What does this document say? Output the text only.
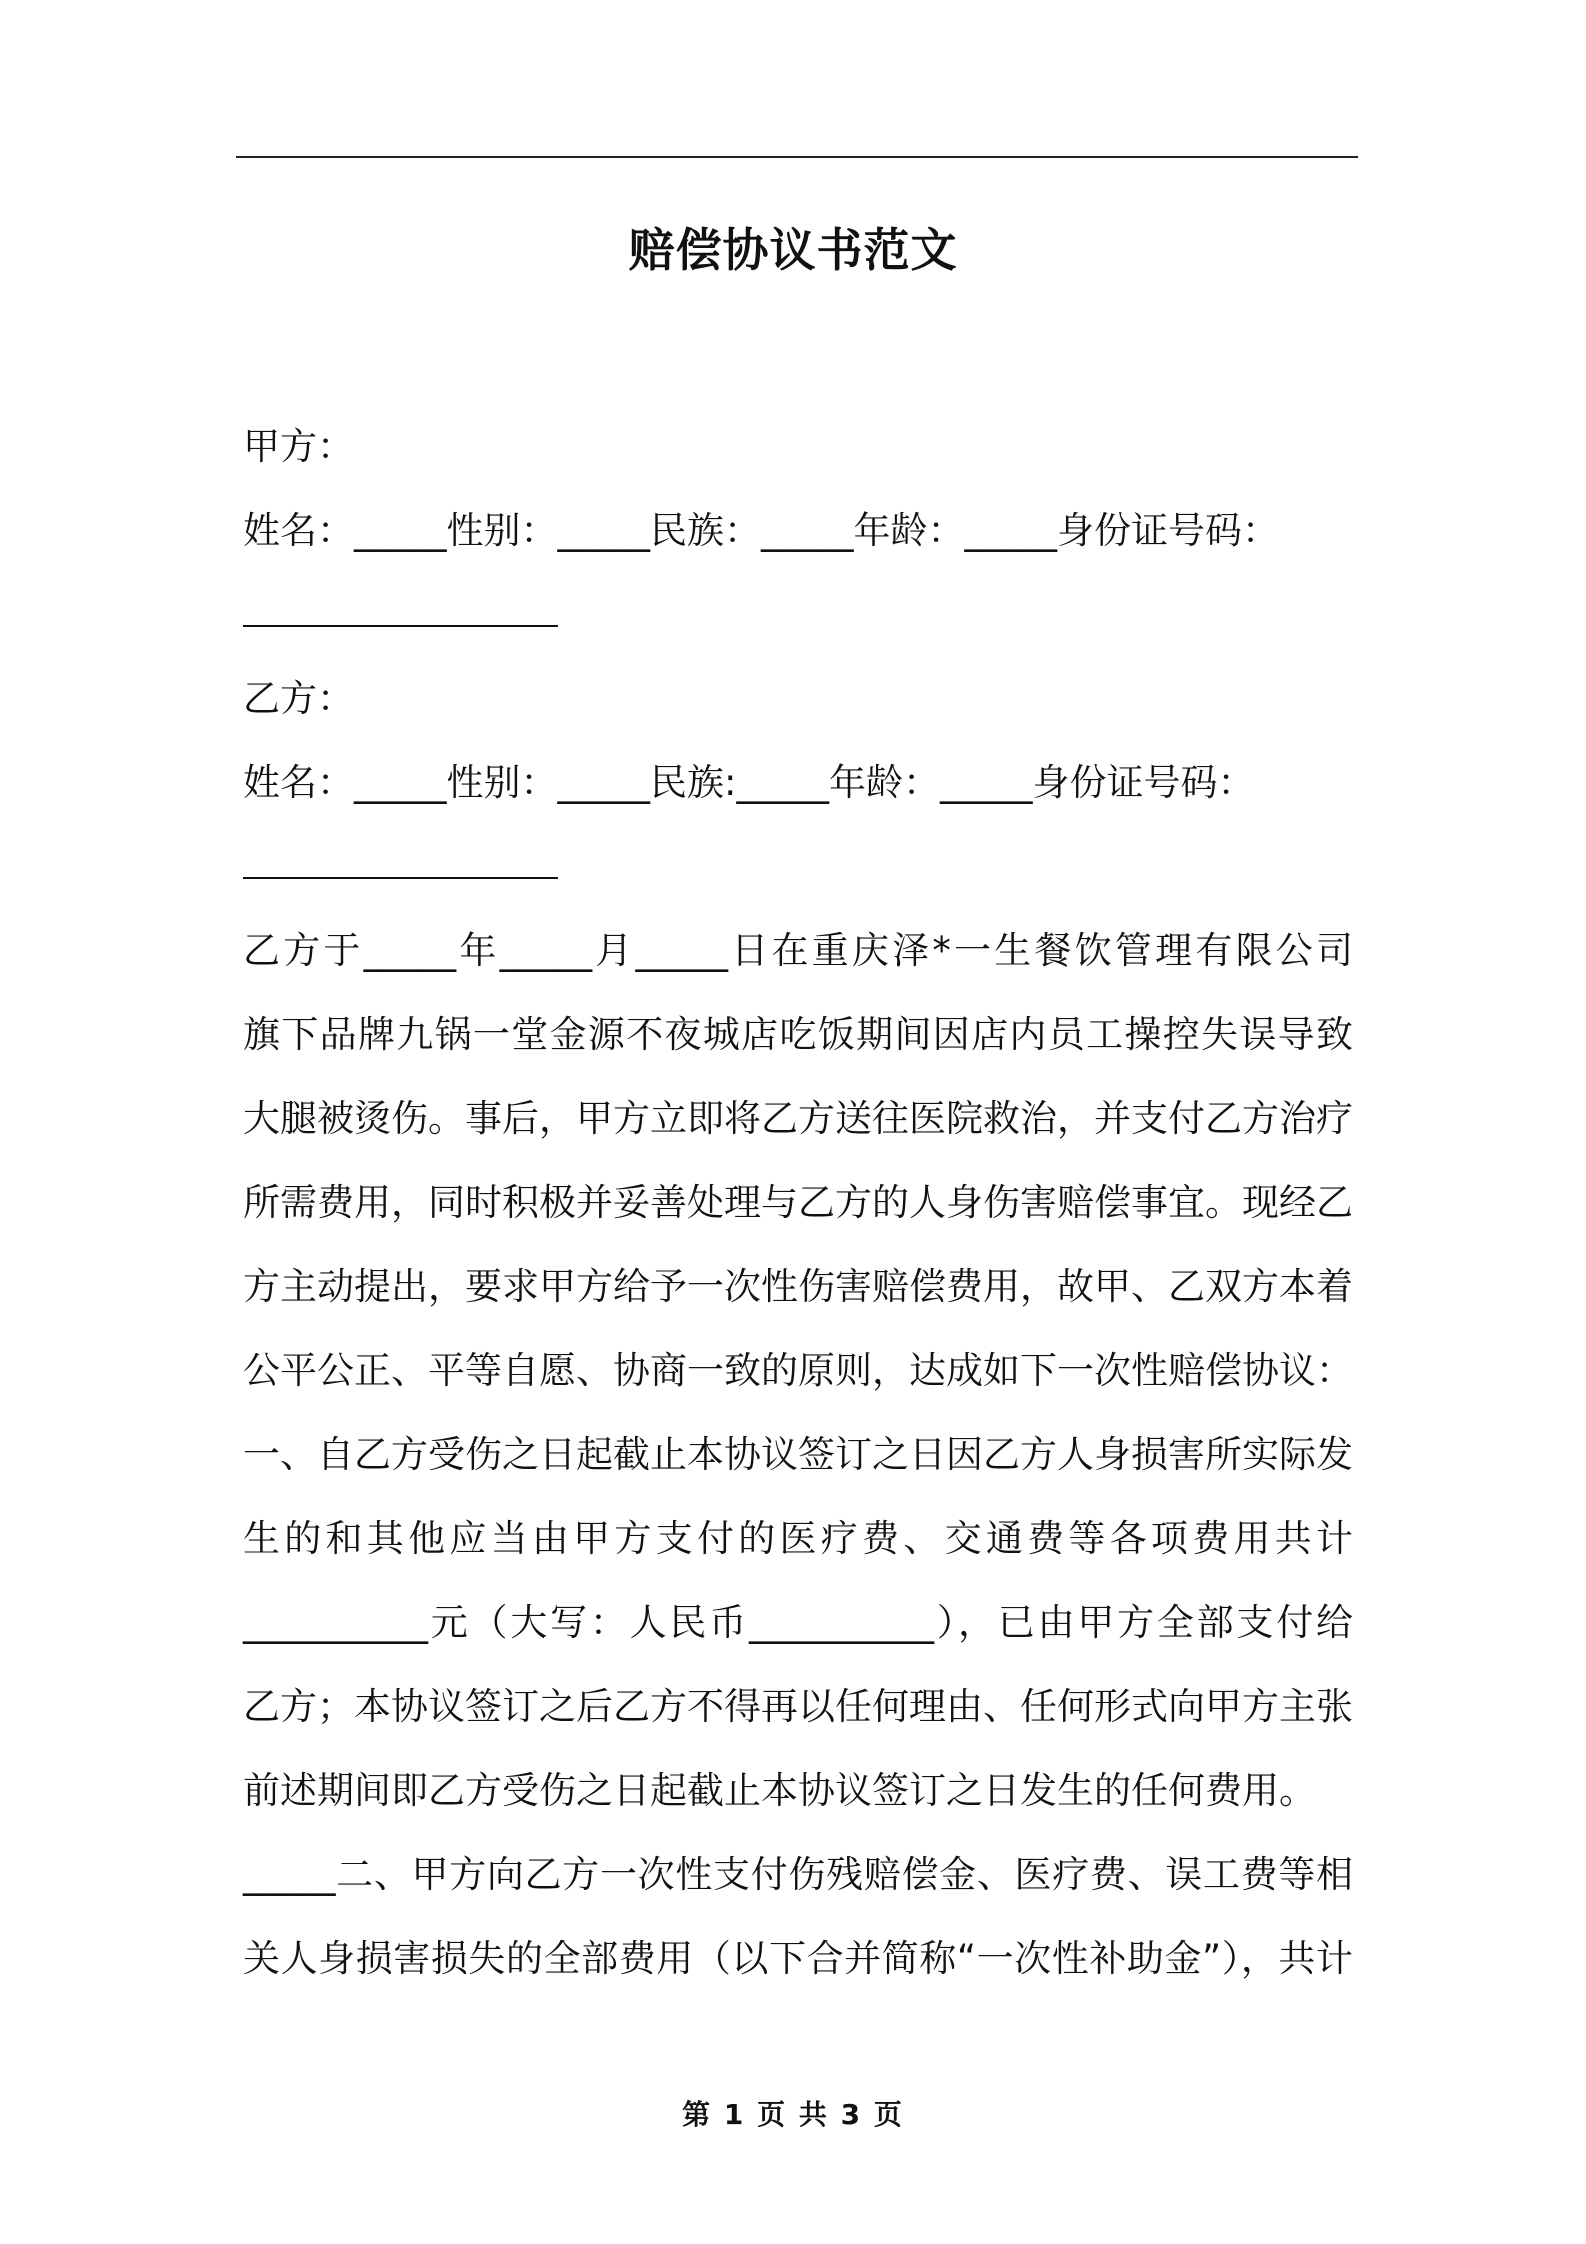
赔偿协议书范文
甲方：
姓名：_____性别：_____民族：_____年龄：_____身份证号码：
乙方：
姓名：_____性别：_____民族:_____年龄：_____身份证号码：
乙方于_____年_____月_____日在重庆泽*一生餐饮管理有限公司
旗下品牌九锅一堂金源不夜城店吃饭期间因店内员工操控失误导致
大腿被烫伤。事后，甲方立即将乙方送往医院救治，并支付乙方治疗
所需费用，同时积极并妥善处理与乙方的人身伤害赔偿事宜。现经乙
方主动提出，要求甲方给予一次性伤害赔偿费用，故甲、乙双方本着
公平公正、平等自愿、协商一致的原则，达成如下一次性赔偿协议：
一、自乙方受伤之日起截止本协议签订之日因乙方人身损害所实际发
生的和其他应当由甲方支付的医疗费、交通费等各项费用共计
__________元（大写：人民币__________），已由甲方全部支付给
乙方；本协议签订之后乙方不得再以任何理由、任何形式向甲方主张
前述期间即乙方受伤之日起截止本协议签订之日发生的任何费用。
_____二、甲方向乙方一次性支付伤残赔偿金、医疗费、误工费等相
关人身损害损失的全部费用（以下合并简称“一次性补助金”），共计
第 1 页 共 3 页
